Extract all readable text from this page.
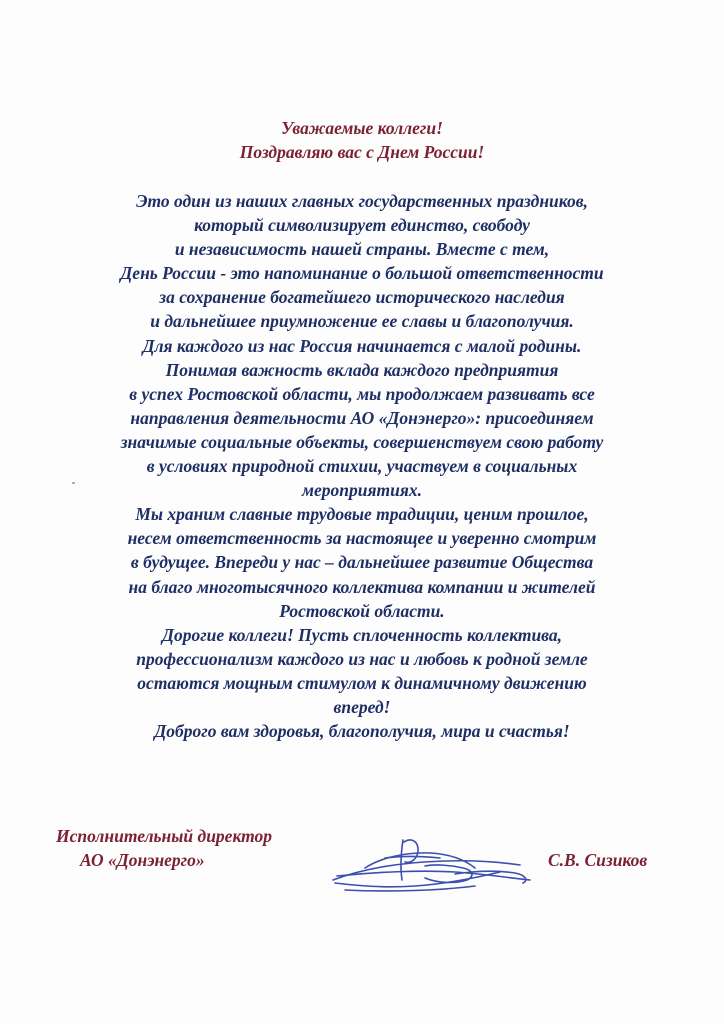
Уважаемые коллеги!
Поздравляю вас с Днем России!
Это один из наших главных государственных праздников,
который символизирует единство, свободу
и независимость нашей страны. Вместе с тем,
День России - это напоминание о большой ответственности
за сохранение богатейшего исторического наследия
и дальнейшее приумножение ее славы и благополучия.
Для каждого из нас Россия начинается с малой родины.
Понимая важность вклада каждого предприятия
в успех Ростовской области, мы продолжаем развивать все
направления деятельности АО «Донэнерго»: присоединяем
значимые социальные объекты, совершенствуем свою работу
в условиях природной стихии, участвуем в социальных
мероприятиях.
Мы храним славные трудовые традиции, ценим прошлое,
несем ответственность за настоящее и уверенно смотрим
в будущее. Впереди у нас – дальнейшее развитие Общества
на благо многотысячного коллектива компании и жителей
Ростовской области.
Дорогие коллеги! Пусть сплоченность коллектива,
профессионализм каждого из нас и любовь к родной земле
остаются мощным стимулом к динамичному движению
вперед!
Доброго вам здоровья, благополучия, мира и счастья!
Исполнительный директор
АО «Донэнерго»	С.В. Сизиков
